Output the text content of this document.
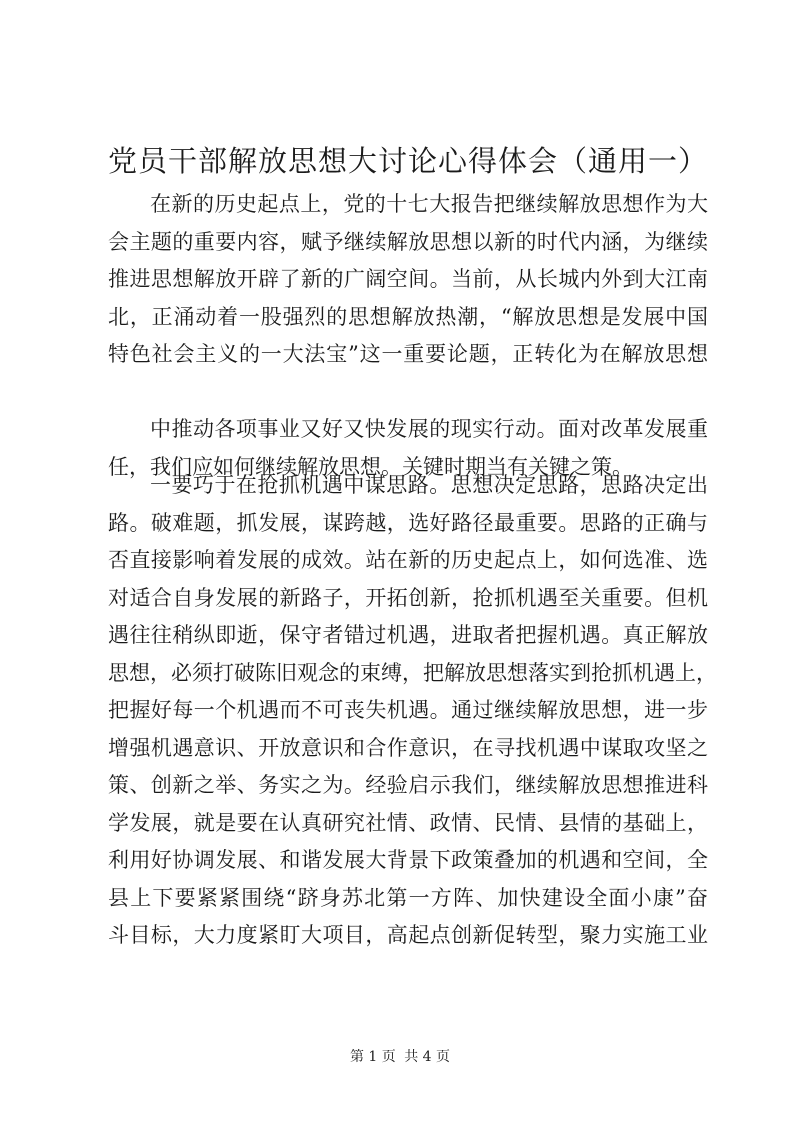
党员干部解放思想大讨论心得体会（通用一）
在新的历史起点上，党的十七大报告把继续解放思想作为大
会主题的重要内容，赋予继续解放思想以新的时代内涵，为继续
推进思想解放开辟了新的广阔空间。当前，从长城内外到大江南
北，正涌动着一股强烈的思想解放热潮，“解放思想是发展中国
特色社会主义的一大法宝”这一重要论题，正转化为在解放思想
中推动各项事业又好又快发展的现实行动。面对改革发展重
任，我们应如何继续解放思想。关键时期当有关键之策。
一要巧于在抢抓机遇中谋思路。思想决定思路，思路决定出
路。破难题，抓发展，谋跨越，选好路径最重要。思路的正确与
否直接影响着发展的成效。站在新的历史起点上，如何选准、选
对适合自身发展的新路子，开拓创新，抢抓机遇至关重要。但机
遇往往稍纵即逝，保守者错过机遇，进取者把握机遇。真正解放
思想，必须打破陈旧观念的束缚，把解放思想落实到抢抓机遇上，
把握好每一个机遇而不可丧失机遇。通过继续解放思想，进一步
增强机遇意识、开放意识和合作意识，在寻找机遇中谋取攻坚之
策、创新之举、务实之为。经验启示我们，继续解放思想推进科
学发展，就是要在认真研究社情、政情、民情、县情的基础上，
利用好协调发展、和谐发展大背景下政策叠加的机遇和空间，全
县上下要紧紧围绕“跻身苏北第一方阵、加快建设全面小康”奋
斗目标，大力度紧盯大项目，高起点创新促转型，聚力实施工业
第 1 页 共 4 页
